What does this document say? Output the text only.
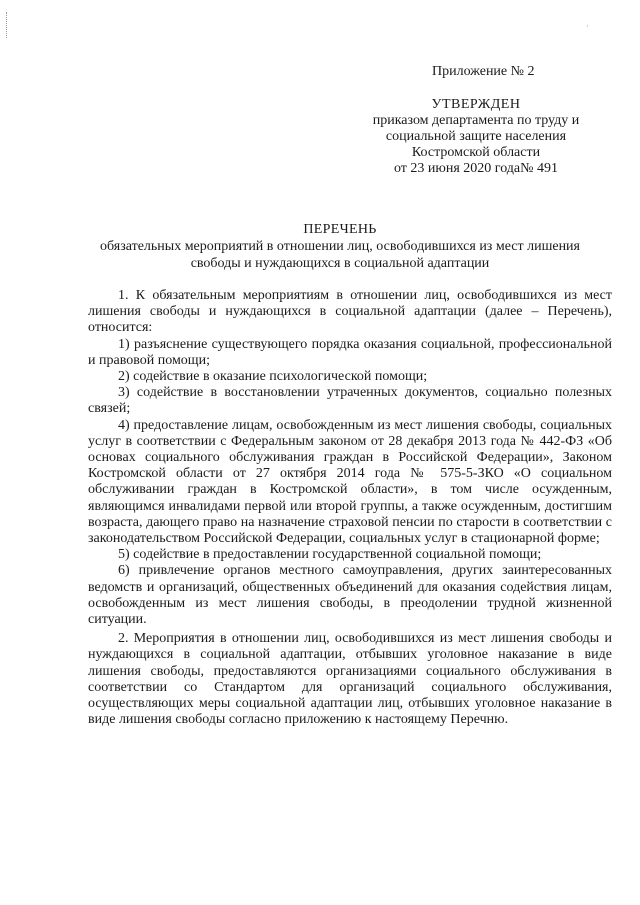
·
Приложение № 2
УТВЕРЖДЕН
приказом департамента по труду и
социальной защите населения
Костромской области
от 23 июня 2020 года№ 491
ПЕРЕЧЕНЬ
обязательных мероприятий в отношении лиц, освободившихся из мест лишения
свободы и нуждающихся в социальной адаптации

1. К обязательным мероприятиям в отношении лиц, освободившихся из мест лишения свободы и нуждающихся в социальной адаптации (далее – Перечень), относится:

1) разъяснение существующего порядка оказания социальной, профессиональной и правовой помощи;

2) содействие в оказание психологической помощи;

3) содействие в восстановлении утраченных документов, социально полезных связей;

4) предоставление лицам, освобожденным из мест лишения свободы, социальных услуг в соответствии с Федеральным законом от 28 декабря 2013 года № 442-ФЗ «Об основах социального обслуживания граждан в Российской Федерации», Законом Костромской области от 27 октября 2014 года № 575-5-ЗКО «О социальном обслуживании граждан в Костромской области», в том числе осужденным, являющимся инвалидами первой или второй группы, а также осужденным, достигшим возраста, дающего право на назначение страховой пенсии по старости в соответствии с законодательством Российской Федерации, социальных услуг в стационарной форме;

5) содействие в предоставлении государственной социальной помощи;

6) привлечение органов местного самоуправления, других заинтересованных ведомств и организаций, общественных объединений для оказания содействия лицам, освобожденным из мест лишения свободы, в преодолении трудной жизненной ситуации.

2. Мероприятия в отношении лиц, освободившихся из мест лишения свободы и нуждающихся в социальной адаптации, отбывших уголовное наказание в виде лишения свободы, предоставляются организациями социального обслуживания в соответствии со Стандартом для организаций социального обслуживания, осуществляющих меры социальной адаптации лиц, отбывших уголовное наказание в виде лишения свободы согласно приложению к настоящему Перечню.
